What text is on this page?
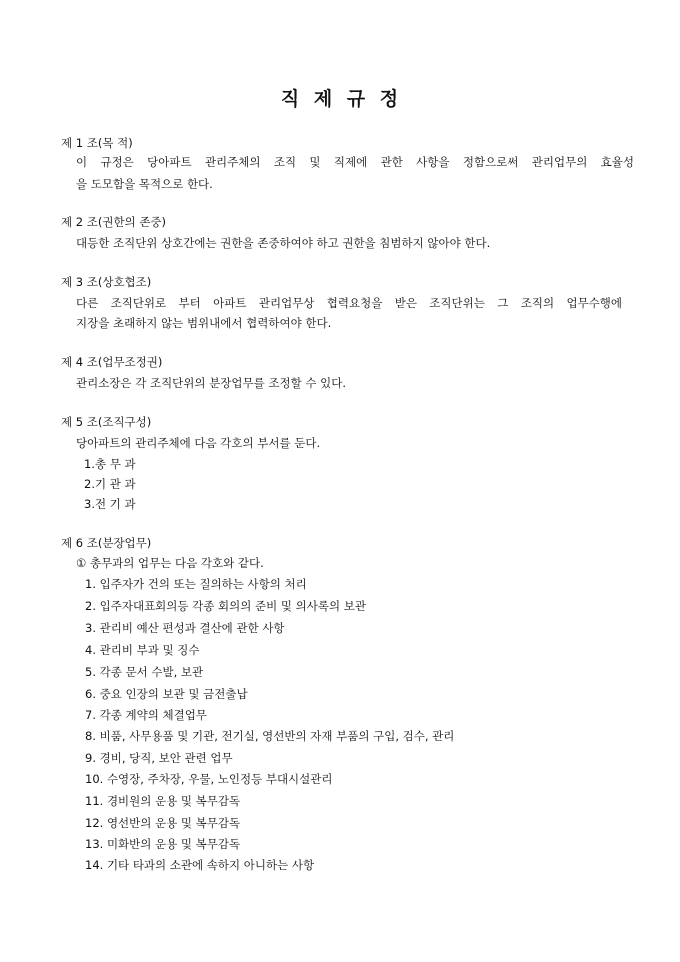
직 제 규 정
제 1 조(목 적)
이 규정은 당아파트 관리주체의 조직 및 직제에 관한 사항을 정함으로써 관리업무의 효율성
을 도모함을 목적으로 한다.
제 2 조(권한의 존중)
대등한 조직단위 상호간에는 권한을 존중하여야 하고 권한을 침범하지 않아야 한다.
제 3 조(상호협조)
다른 조직단위로 부터 아파트 관리업무상 협력요청을 받은 조직단위는 그 조직의 업무수행에
지장을 초래하지 않는 범위내에서 협력하여야 한다.
제 4 조(업무조정권)
관리소장은 각 조직단위의 분장업무를 조정할 수 있다.
제 5 조(조직구성)
당아파트의 관리주체에 다음 각호의 부서를 둔다.
1.총 무 과
2.기 관 과
3.전 기 과
제 6 조(분장업무)
① 총무과의 업무는 다음 각호와 같다.
1. 입주자가 건의 또는 질의하는 사항의 처리
2. 입주자대표회의등 각종 회의의 준비 및 의사록의 보관
3. 관리비 예산 편성과 결산에 관한 사항
4. 관리비 부과 및 징수
5. 각종 문서 수발, 보관
6. 중요 인장의 보관 및 금전출납
7. 각종 계약의 체결업무
8. 비품, 사무용품 및 기관, 전기실, 영선반의 자재 부품의 구입, 검수, 관리
9. 경비, 당직, 보안 관련 업무
10. 수영장, 주차장, 우물, 노인정등 부대시설관리
11. 경비원의 운용 및 복무감독
12. 영선반의 운용 및 복무감독
13. 미화반의 운용 및 복무감독
14. 기타 타과의 소관에 속하지 아니하는 사항
